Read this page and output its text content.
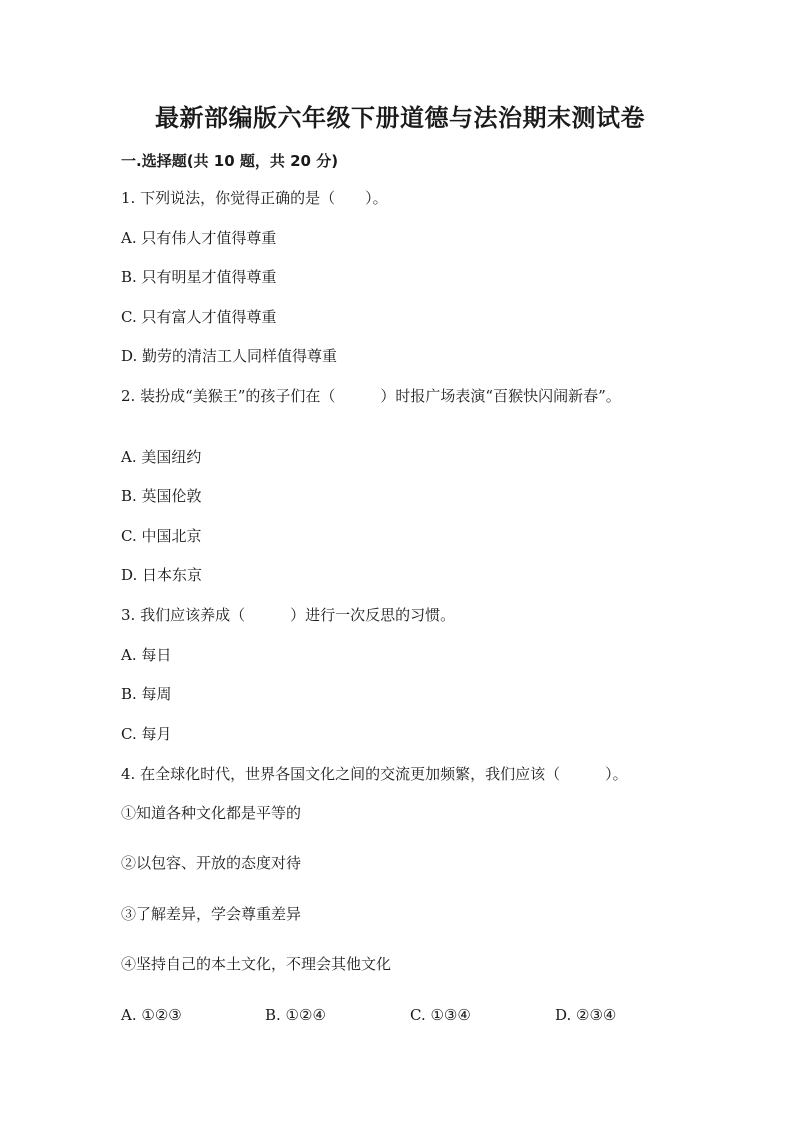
最新部编版六年级下册道德与法治期末测试卷
一.选择题(共 10 题，共 20 分)
1. 下列说法，你觉得正确的是（　　）。
A. 只有伟人才值得尊重
B. 只有明星才值得尊重
C. 只有富人才值得尊重
D. 勤劳的清洁工人同样值得尊重
2. 装扮成“美猴王”的孩子们在（　　　）时报广场表演“百猴快闪闹新春”。
A. 美国纽约
B. 英国伦敦
C. 中国北京
D. 日本东京
3. 我们应该养成（　　　）进行一次反思的习惯。
A. 每日
B. 每周
C. 每月
4. 在全球化时代，世界各国文化之间的交流更加频繁，我们应该（　　　）。
①知道各种文化都是平等的
②以包容、开放的态度对待
③了解差异，学会尊重差异
④坚持自己的本土文化，不理会其他文化
A. ①②③	B. ①②④	C. ①③④	D. ②③④
